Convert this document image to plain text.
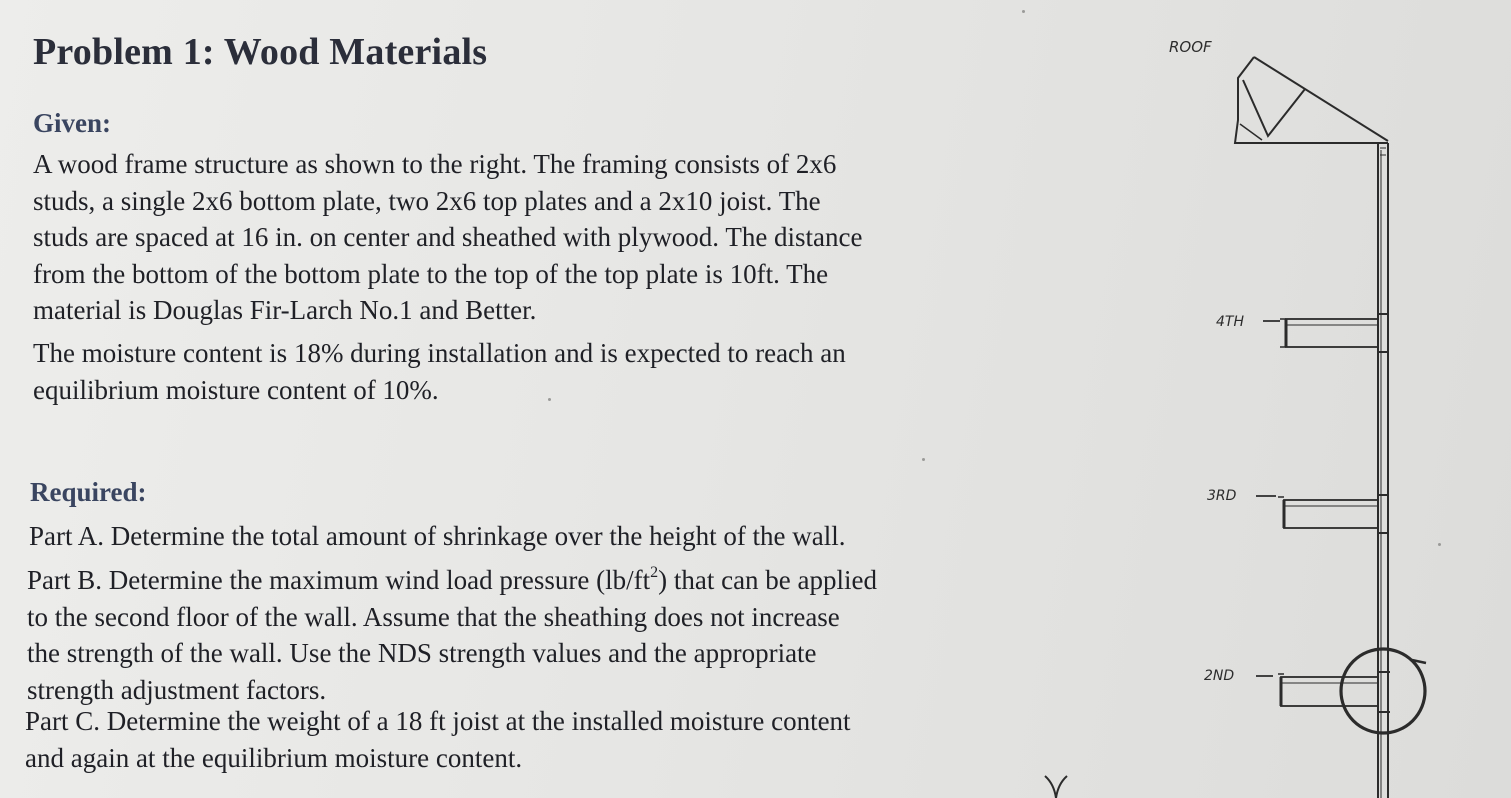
Problem 1: Wood Materials
Given:

A wood frame structure as shown to the right. The framing consists of 2x6
studs, a single 2x6 bottom plate, two 2x6 top plates and a 2x10 joist. The
studs are spaced at 16 in. on center and sheathed with plywood. The distance
from the bottom of the bottom plate to the top of the top plate is 10ft. The
material is Douglas Fir-Larch No.1 and Better.

The moisture content is 18% during installation and is expected to reach an
equilibrium moisture content of 10%.

Required:

Part A. Determine the total amount of shrinkage over the height of the wall.

Part B. Determine the maximum wind load pressure $(lb/ft^2)$ that can be applied
to the second floor of the wall. Assume that the sheathing does not increase
the strength of the wall. Use the NDS strength values and the appropriate
strength adjustment factors.

Part C. Determine the weight of a 18 ft joist at the installed moisture content
and again at the equilibrium moisture content.

ROOF
4TH
3RD
2ND
